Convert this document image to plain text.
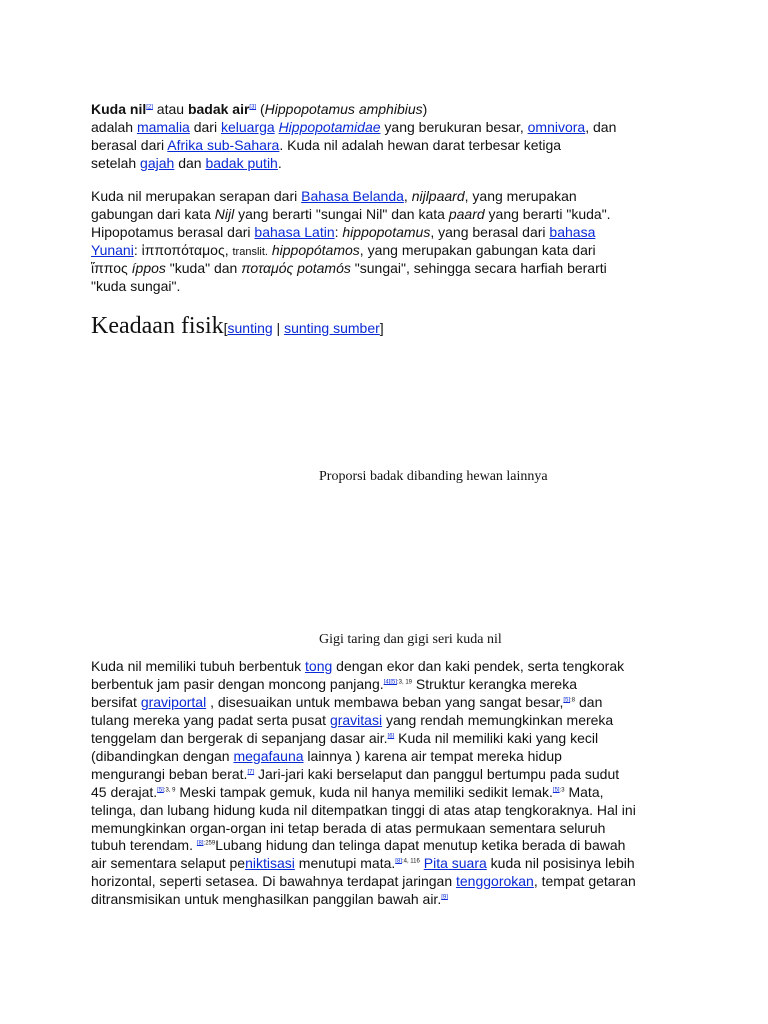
Kuda nil[2] atau badak air[3] (Hippopotamus amphibius)

adalah mamalia dari keluarga Hippopotamidae yang berukuran besar, omnivora, dan

berasal dari Afrika sub-Sahara. Kuda nil adalah hewan darat terbesar ketiga

setelah gajah dan badak putih.

Kuda nil merupakan serapan dari Bahasa Belanda, nijlpaard, yang merupakan

gabungan dari kata Nijl yang berarti "sungai Nil" dan kata paard yang berarti "kuda".

Hipopotamus berasal dari bahasa Latin: hippopotamus, yang berasal dari bahasa

Yunani: ἱπποπόταμος, translit. hippopótamos, yang merupakan gabungan kata dari

ἵππος íppos "kuda" dan ποταμός potamós "sungai", sehingga secara harfiah berarti

"kuda sungai".

Keadaan fisik[sunting | sunting sumber]
Proporsi badak dibanding hewan lainnya
Gigi taring dan gigi seri kuda nil

Kuda nil memiliki tubuh berbentuk tong dengan ekor dan kaki pendek, serta tengkorak

berbentuk jam pasir dengan moncong panjang.$^{[4][5]:3, 19}$ Struktur kerangka mereka

bersifat graviportal , disesuaikan untuk membawa beban yang sangat besar,$^{[5]:8}$ dan

tulang mereka yang padat serta pusat gravitasi yang rendah memungkinkan mereka

tenggelam dan bergerak di sepanjang dasar air.[6] Kuda nil memiliki kaki yang kecil

(dibandingkan dengan megafauna lainnya ) karena air tempat mereka hidup

mengurangi beban berat.[7] Jari-jari kaki berselaput dan panggul bertumpu pada sudut

45 derajat.$^{[5]:3, 9}$ Meski tampak gemuk, kuda nil hanya memiliki sedikit lemak.$^{[5]:3}$ Mata,

telinga, dan lubang hidung kuda nil ditempatkan tinggi di atas atap tengkoraknya. Hal ini

memungkinkan organ-organ ini tetap berada di atas permukaan sementara seluruh

tubuh terendam. $^{[8]:259}$Lubang hidung dan telinga dapat menutup ketika berada di bawah

air sementara selaput peniktisasi menutupi mata.$^{[8]:4, 116}$ Pita suara kuda nil posisinya lebih

horizontal, seperti setasea. Di bawahnya terdapat jaringan tenggorokan, tempat getaran

ditransmisikan untuk menghasilkan panggilan bawah air.[9]
